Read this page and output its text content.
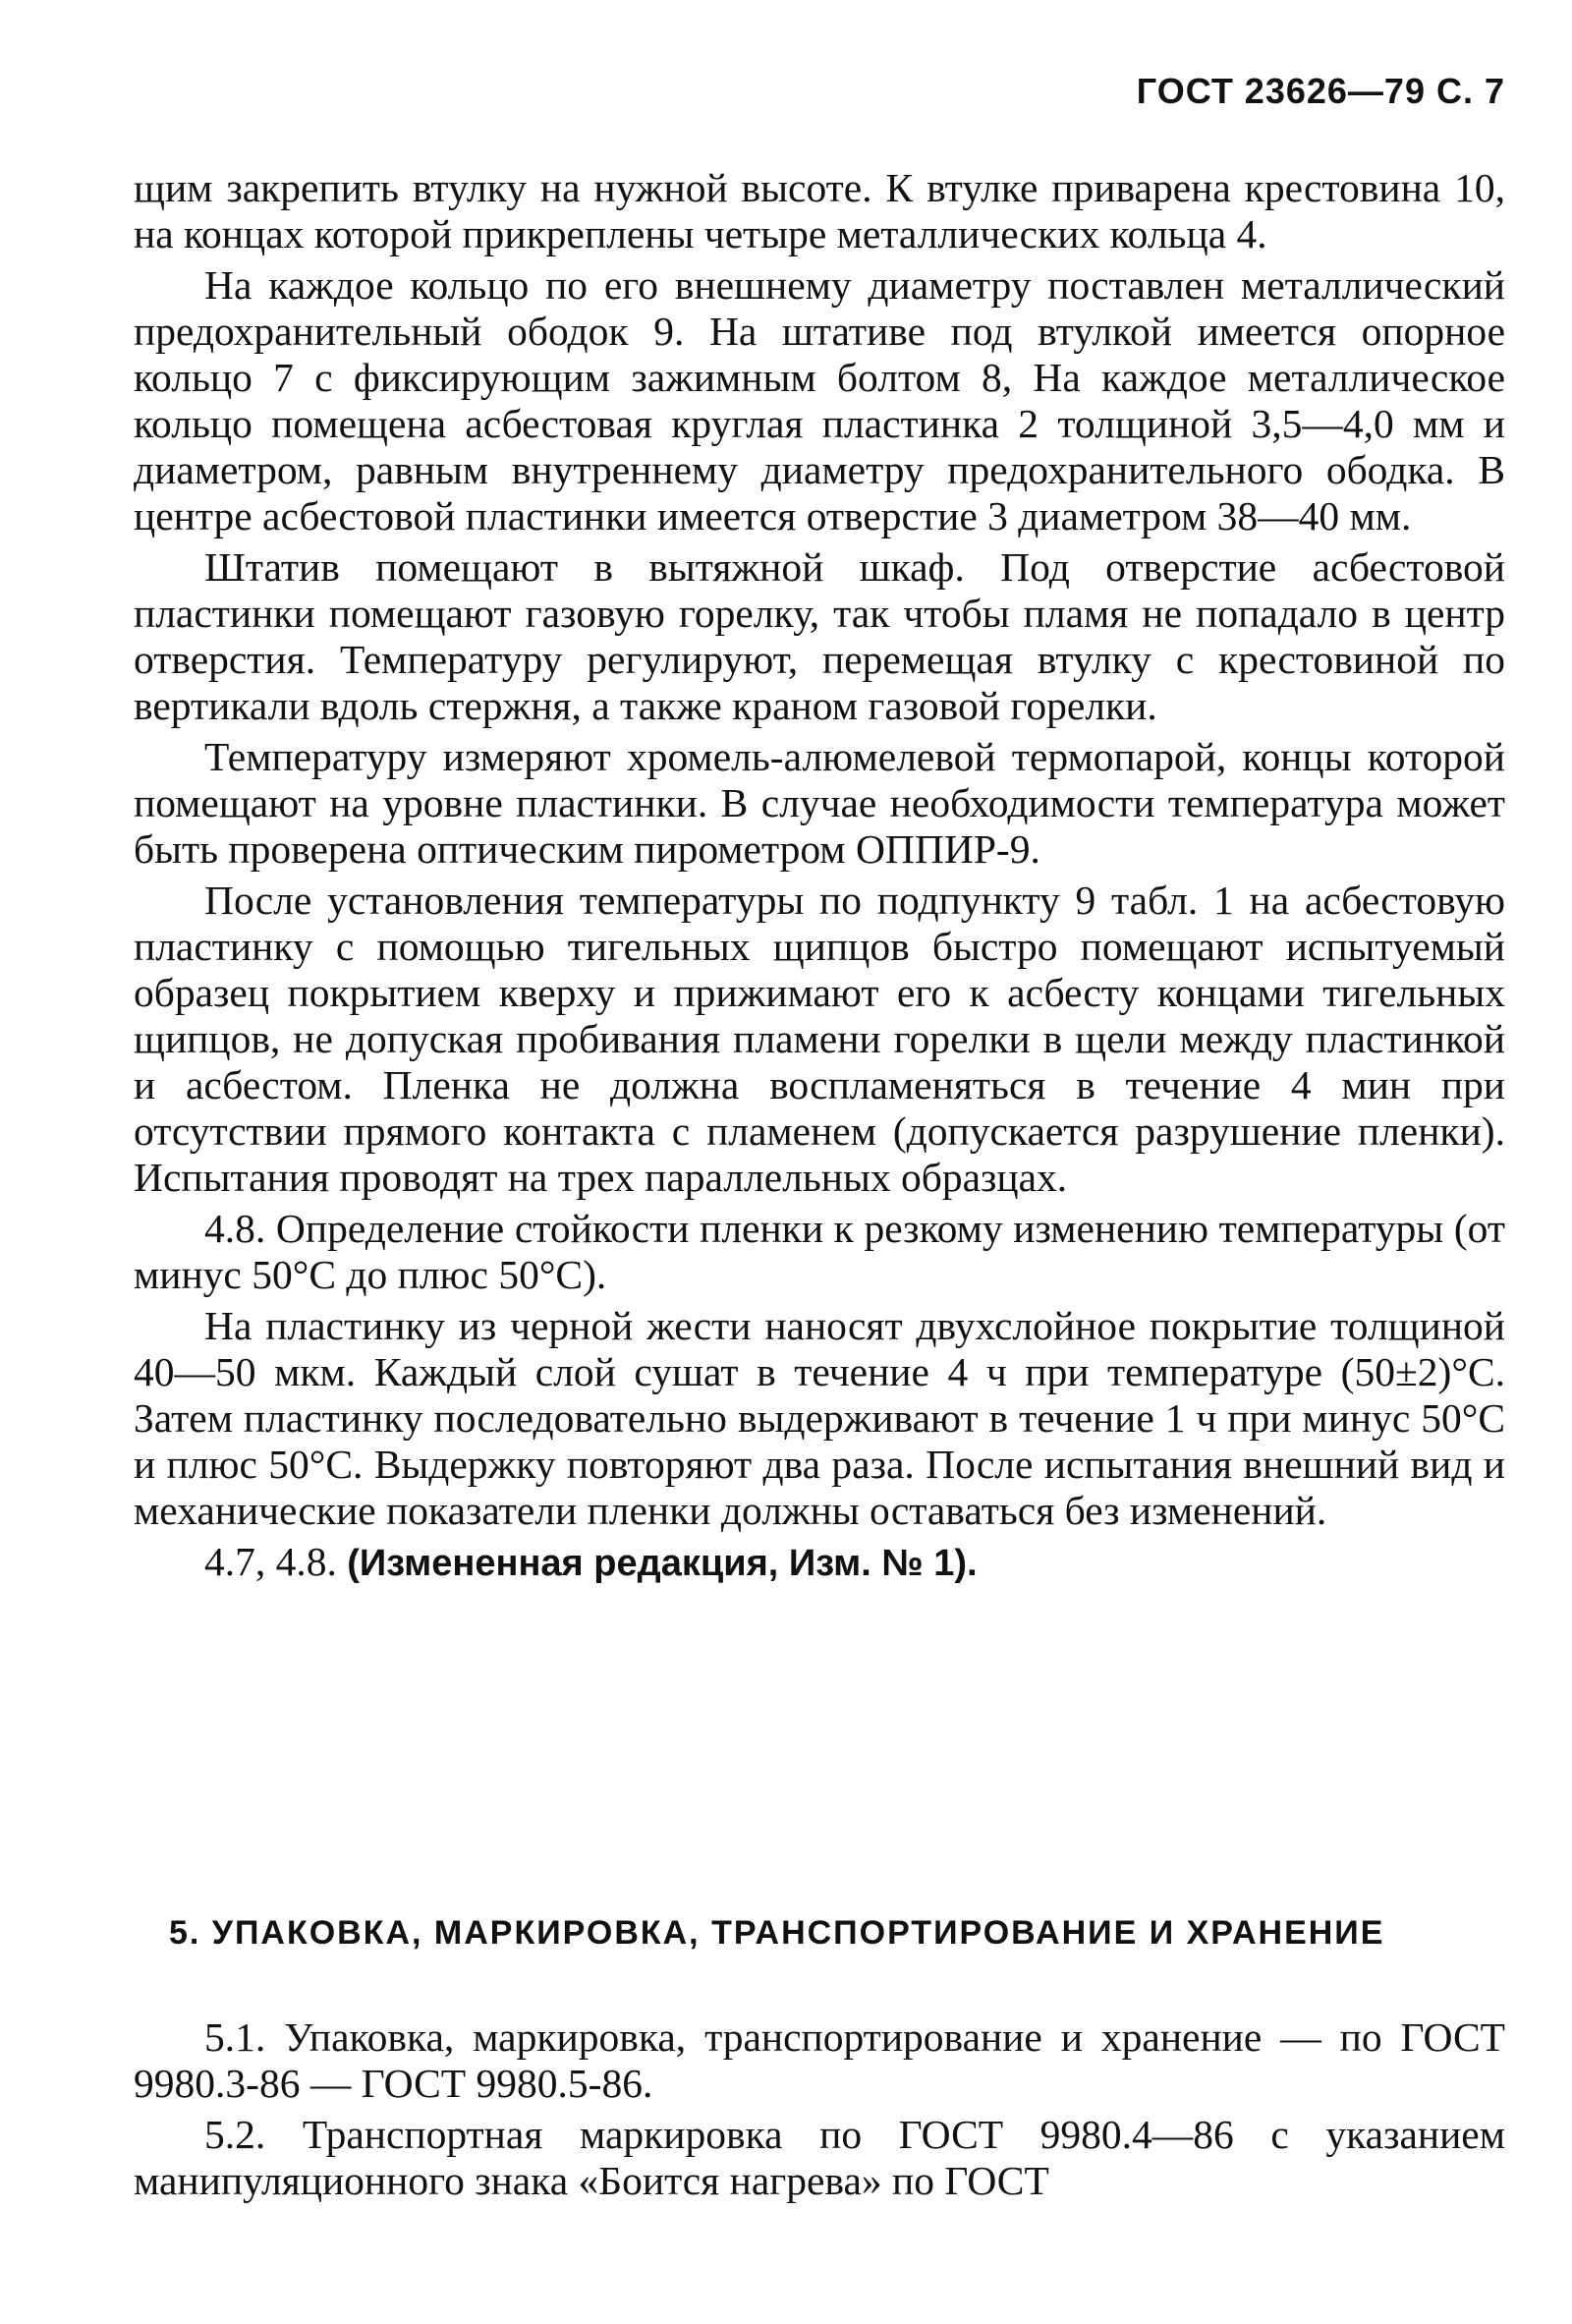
ГОСТ 23626—79 С. 7

щим закрепить втулку на нужной высоте. К втулке приварена крестовина 10, на концах которой прикреплены четыре металлических кольца 4.

На каждое кольцо по его внешнему диаметру поставлен металлический предохранительный ободок 9. На штативе под втулкой имеется опорное кольцо 7 с фиксирующим зажимным болтом 8, На каждое металлическое кольцо помещена асбестовая круглая пластинка 2 толщиной 3,5—4,0 мм и диаметром, равным внутреннему диаметру предохранительного ободка. В центре асбестовой пластинки имеется отверстие 3 диаметром 38—40 мм.

Штатив помещают в вытяжной шкаф. Под отверстие асбестовой пластинки помещают газовую горелку, так чтобы пламя не попадало в центр отверстия. Температуру регулируют, перемещая втулку с крестовиной по вертикали вдоль стержня, а также краном газовой горелки.

Температуру измеряют хромель-алюмелевой термопарой, концы которой помещают на уровне пластинки. В случае необходимости температура может быть проверена оптическим пирометром ОППИР-9.

После установления температуры по подпункту 9 табл. 1 на асбестовую пластинку с помощью тигельных щипцов быстро помещают испытуемый образец покрытием кверху и прижимают его к асбесту концами тигельных щипцов, не допуская пробивания пламени горелки в щели между пластинкой и асбестом. Пленка не должна воспламеняться в течение 4 мин при отсутствии прямого контакта с пламенем (допускается разрушение пленки). Испытания проводят на трех параллельных образцах.

4.8. Определение стойкости пленки к резкому изменению температуры (от минус 50°С до плюс 50°С).

На пластинку из черной жести наносят двухслойное покрытие толщиной 40—50 мкм. Каждый слой сушат в течение 4 ч при температуре (50±2)°С. Затем пластинку последовательно выдерживают в течение 1 ч при минус 50°С и плюс 50°С. Выдержку повторяют два раза. После испытания внешний вид и механические показатели пленки должны оставаться без изменений.

4.7, 4.8. (Измененная редакция, Изм. № 1).

5. УПАКОВКА, МАРКИРОВКА, ТРАНСПОРТИРОВАНИЕ И ХРАНЕНИЕ

5.1. Упаковка, маркировка, транспортирование и хранение — по ГОСТ 9980.3-86 — ГОСТ 9980.5-86.

5.2. Транспортная маркировка по ГОСТ 9980.4—86 с указанием манипуляционного знака «Боится нагрева» по ГОСТ
